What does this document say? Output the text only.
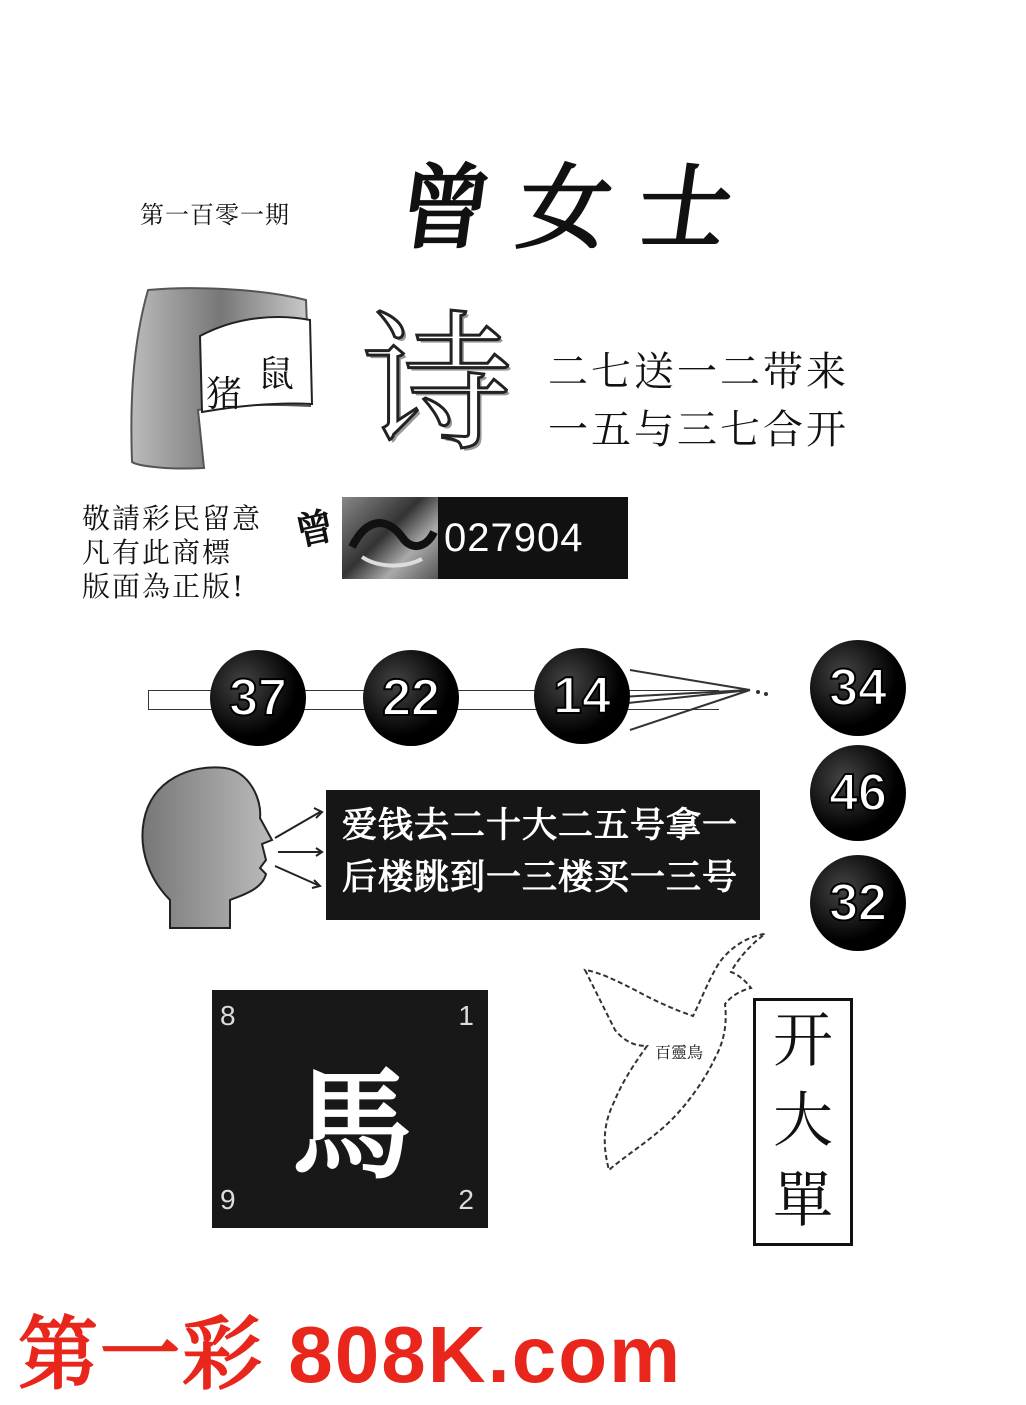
第一百零一期 曾女士
猪 鼠 诗 二七送一二带来
一五与三七合开
敬請彩民留意
凡有此商標
版面為正版!
曾	027904
37	22	14	34
46
32
爱钱去二十大二五号拿一
后楼跳到一三楼买一三号
8	1
馬
9	2
百靈鳥 开
大
單
第一彩 808K.com
